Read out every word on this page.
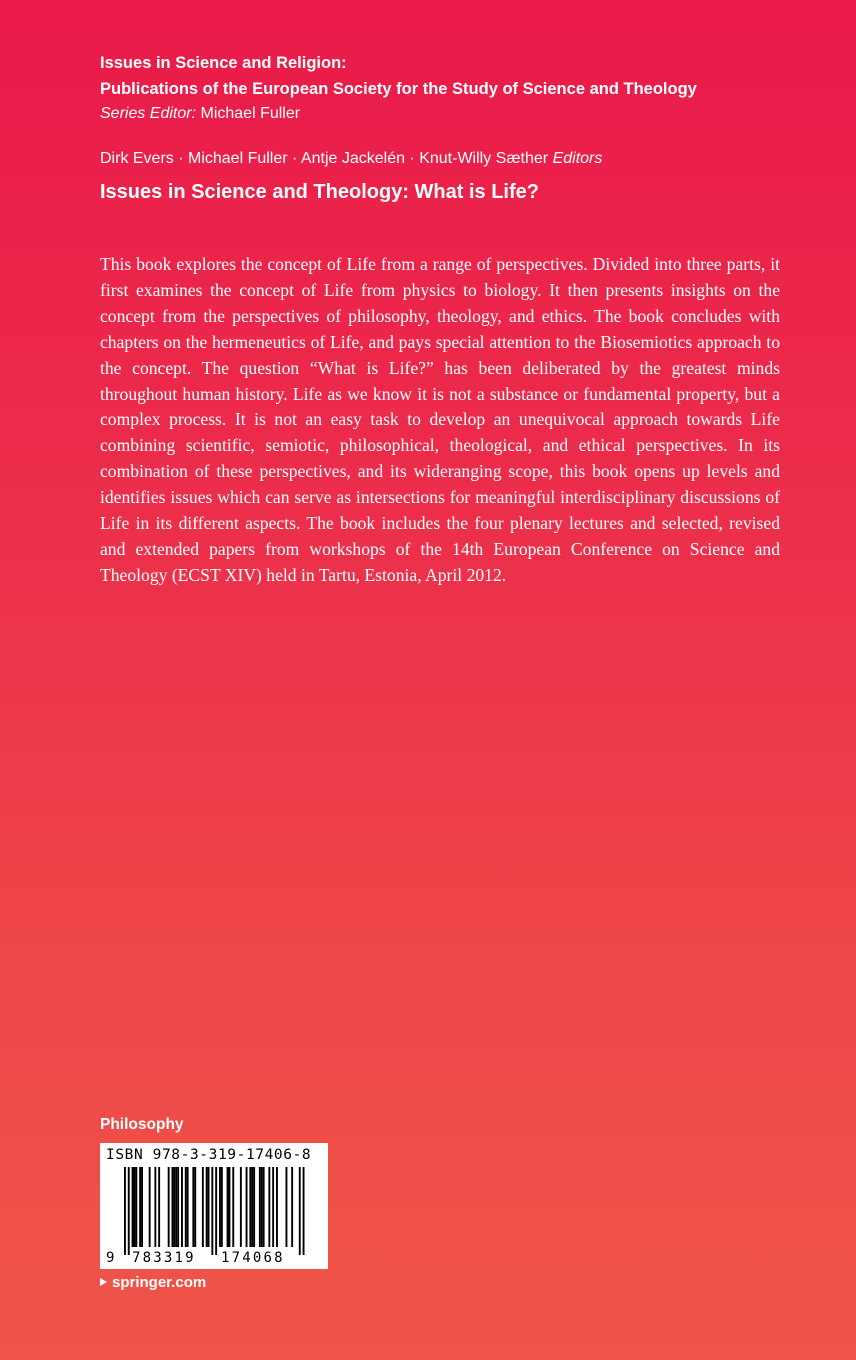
Issues in Science and Religion:
Publications of the European Society for the Study of Science and Theology
Series Editor: Michael Fuller
Dirk Evers · Michael Fuller · Antje Jackelén · Knut-Willy Sæther Editors
Issues in Science and Theology: What is Life?

This book explores the concept of Life from a range of perspectives. Divided into three parts, it first examines the concept of Life from physics to biology. It then presents insights on the concept from the perspectives of philosophy, theology, and ethics. The book concludes with chapters on the hermeneutics of Life, and pays special attention to the Biosemiotics approach to the concept. The question “What is Life?” has been deliberated by the greatest minds throughout human history. Life as we know it is not a substance or fundamental property, but a complex process. It is not an easy task to develop an unequivocal approach towards Life combining scientific, semiotic, philosophical, theological, and ethical perspectives. In its combination of these perspectives, and its wideranging scope, this book opens up levels and identifies issues which can serve as intersections for meaningful interdisciplinary discussions of Life in its different aspects. The book includes the four plenary lectures and selected, revised and extended papers from workshops of the 14th European Conference on Science and Theology (ECST XIV) held in Tartu, Estonia, April 2012.

Philosophy
ISBN 978-3-319-17406-8
9 783319 174068
springer.com
